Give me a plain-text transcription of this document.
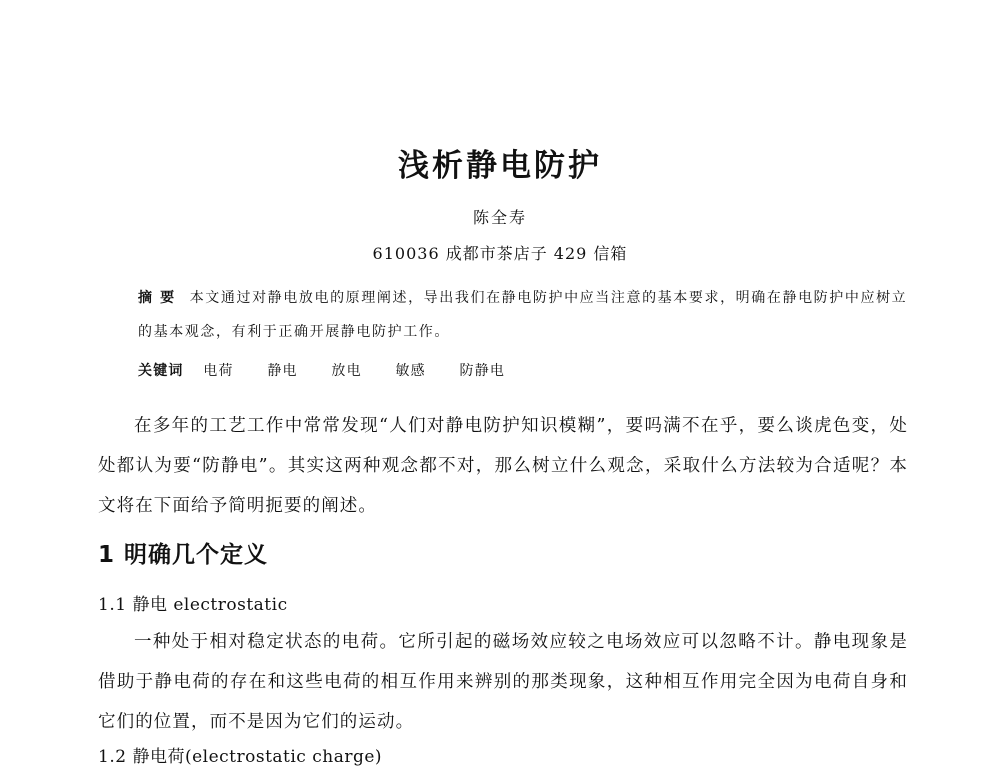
浅析静电防护
陈全寿
610036 成都市茶店子 429 信箱
摘 要 本文通过对静电放电的原理阐述，导出我们在静电防护中应当注意的基本要求，明确在静电防护中应树立的基本观念，有利于正确开展静电防护工作。
关键词 电荷 静电 放电 敏感 防静电
在多年的工艺工作中常常发现“人们对静电防护知识模糊”，要吗满不在乎，要么谈虎色变，处处都认为要“防静电”。其实这两种观念都不对，那么树立什么观念，采取什么方法较为合适呢？本文将在下面给予简明扼要的阐述。
1 明确几个定义
1.1 静电 electrostatic
一种处于相对稳定状态的电荷。它所引起的磁场效应较之电场效应可以忽略不计。静电现象是借助于静电荷的存在和这些电荷的相互作用来辨别的那类现象，这种相互作用完全因为电荷自身和它们的位置，而不是因为它们的运动。
1.2 静电荷(electrostatic charge)
